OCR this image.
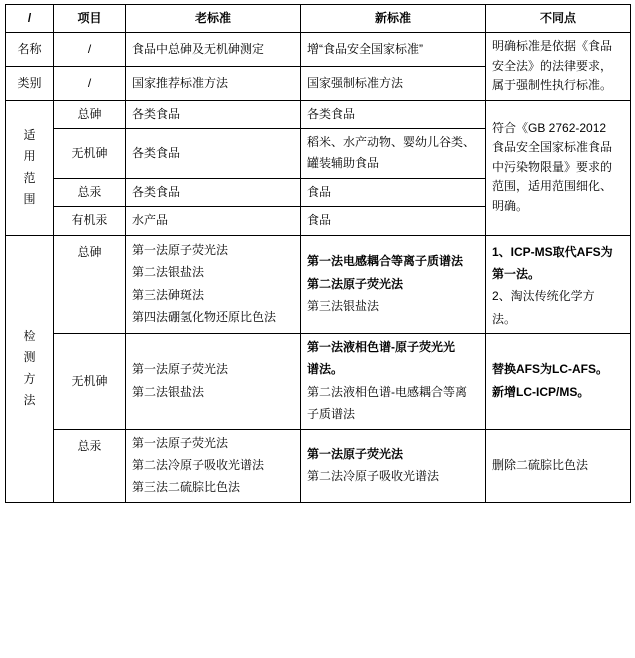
/	项目	老标准	新标准	不同点
名称	/	食品中总砷及无机砷测定	增“食品安全国家标准”	明确标准是依据《食品
安全法》的法律要求，
属于强制性执行标准。

类别	/	国家推荐标准方法	国家强制标准方法	

适
用
范
围	总砷	各类食品	各类食品	符合《GB 2762-2012
食品安全国家标准食品
中污染物限量》要求的
范围，适用范围细化、
明确。

	无机砷	各类食品	稻米、水产动物、婴幼儿谷类、
罐装辅助食品	

	总汞	各类食品	食品	

	有机汞	水产品	食品	

检
测
方
法	总砷	第一法原子荧光法
第二法银盐法
第三法砷斑法
第四法硼氢化物还原比色法	第一法电感耦合等离子质谱法
第二法原子荧光法
第三法银盐法	1、ICP-MS取代AFS为
第一法。
2、淘汰传统化学方
法。

	无机砷	第一法原子荧光法
第二法银盐法	第一法液相色谱-原子荧光光
谱法。
第二法液相色谱-电感耦合等离
子质谱法	替换AFS为LC-AFS。
新增LC-ICP/MS。

	总汞	第一法原子荧光法
第二法冷原子吸收光谱法
第三法二硫腙比色法	第一法原子荧光法
第二法冷原子吸收光谱法	删除二硫腙比色法
